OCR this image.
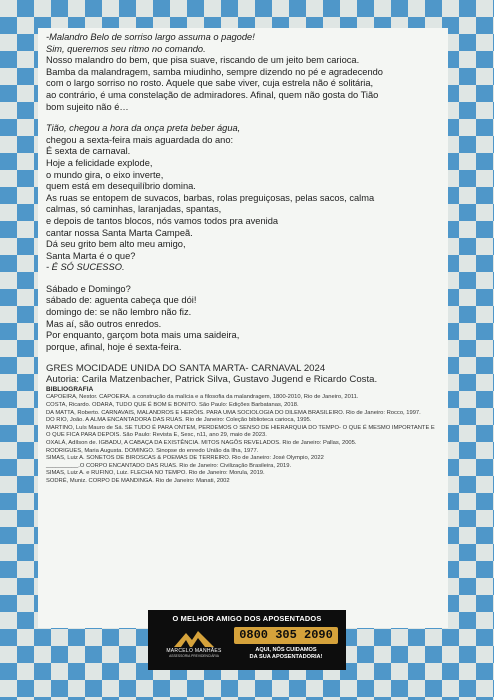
-Malandro Belo de sorriso largo assuma o pagode!

Sim, queremos seu ritmo no comando.

Nosso malandro do bem, que pisa suave, riscando de um jeito bem carioca.

Bamba da malandragem, samba miudinho, sempre dizendo no pé e agradecendo

com o largo sorriso no rosto. Aquele que sabe viver, cuja estrela não é solitária,

ao contrário, é uma constelação de admiradores. Afinal, quem não gosta do Tião

bom sujeito não é…

Tião, chegou a hora da onça preta beber água,

chegou a sexta-feira mais aguardada do ano:

É sexta de carnaval.

Hoje a felicidade explode,

o mundo gira, o eixo inverte,

quem está em desequilíbrio domina.

As ruas se entopem de suvacos, barbas, rolas preguiçosas, pelas sacos, calma

calmas, só caminhas, laranjadas, spantas,

e depois de tantos blocos, nós vamos todos pra avenida

cantar nossa Santa Marta Campeã.

Dá seu grito bem alto meu amigo,

Santa Marta é o que?

- É SÓ SUCESSO.

Sábado e Domingo?

sábado de: aguenta cabeça que dói!

domingo de: se não lembro não fiz.

Mas aí, são outros enredos.

Por enquanto, garçom bota mais uma saideira,

porque, afinal, hoje é sexta-feira.

GRES MOCIDADE UNIDA DO SANTA MARTA- CARNAVAL 2024
Autoria: Carila Matzenbacher, Patrick Silva, Gustavo Jugend e Ricardo Costa.
BIBLIOGRAFIA

CAPOEIRA, Nestor. CAPOEIRA. a construção da malícia e a filosofia da malandragem, 1800-2010, Rio de Janeiro, 2011.

COSTA, Ricardo. ODARA, TUDO QUE É BOM E BONITO. São Paulo: Edições Barbatanas, 2018.

DA MATTA, Roberto. CARNAVAIS, MALANDROS E HERÓIS. PARA UMA SOCIOLOGIA DO DILEMA BRASILEIRO. Rio de Janeiro: Rocco, 1997.

DO RIO, João. A ALMA ENCANTADORA DAS RUAS. Rio de Janeiro: Coleção biblioteca carioca, 1995.

MARTINO, Luís Mauro de Sá. SE TUDO É PARA ONTEM, PERDEMOS O SENSO DE HIERARQUIA DO TEMPO- O QUE É MESMO IMPORTANTE E O QUE FICA PARA DEPOIS. São Paulo: Revista E, Sesc, n11, ano 29, maio de 2023.

OXALÁ, Adílson de. IGBADU, A CABAÇA DA EXISTÊNCIA. MITOS NAGÔS REVELADOS. Rio de Janeiro: Pallas, 2005.

RODRIGUES, Maria Augusta. DOMINGO. Sinopse do enredo União da Ilha, 1977.

SIMAS, Luiz A. SONETOS DE BIROSCAS & POEMAS DE TERREIRO. Rio de Janeiro: José Olympio, 2022

__________.O CORPO ENCANTADO DAS RUAS. Rio de Janeiro: Civilização Brasileira, 2019.

SIMAS, Luiz A. e RUFINO, Luiz. FLECHA NO TEMPO. Rio de Janeiro: Morula, 2019.

SODRÉ, Muniz. CORPO DE MANDINGA. Rio de Janeiro: Manati, 2002

O MELHOR AMIGO DOS APOSENTADOS
MARCELO MANHÃES
ASSESSORIA PREVIDENCIÁRIA
0800 305 2090
AQUI, NÓS CUIDAMOS
DA SUA APOSENTADORIA!
